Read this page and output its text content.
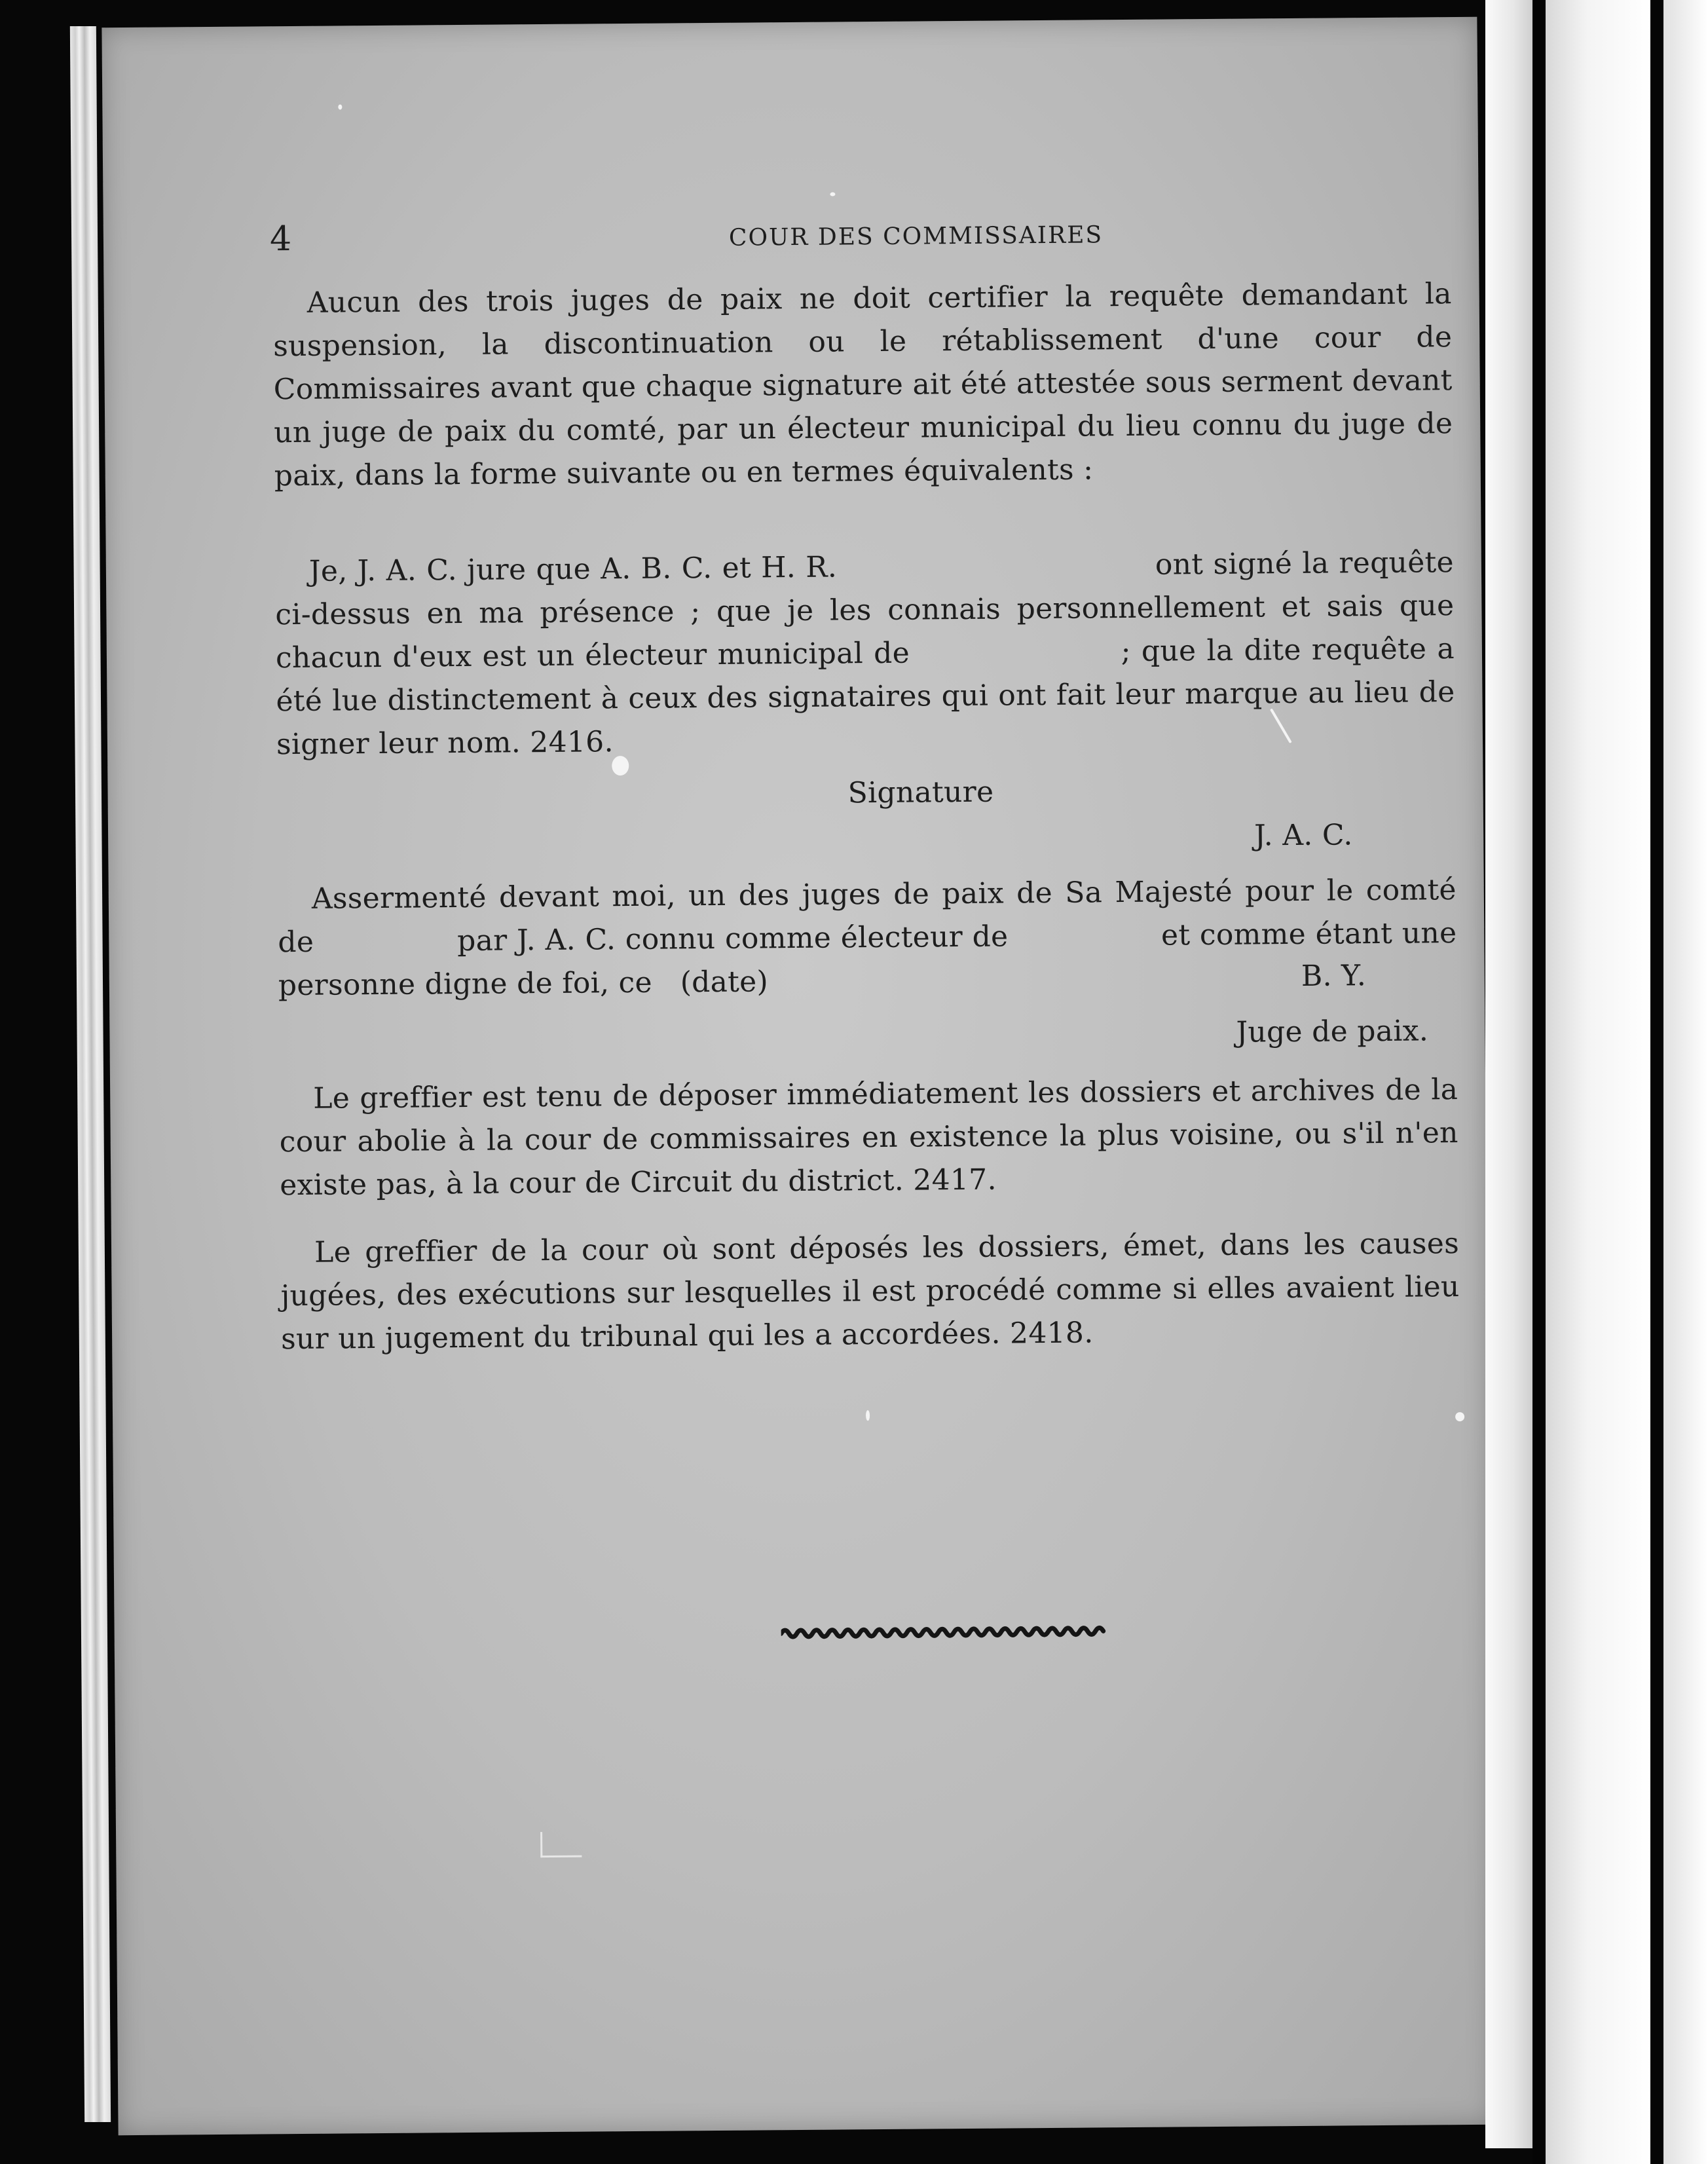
4	COUR DES COMMISSAIRES

Aucun des trois juges de paix ne doit certifier la requête demandant la suspension, la discontinuation ou le rétablissement d'une cour de Commissaires avant que chaque signature ait été attestée sous serment devant un juge de paix du comté, par un électeur municipal du lieu connu du juge de paix, dans la forme suivante ou en termes équivalents :

Je, J. A. C. jure que A. B. C. et H. R.                                ont signé la requête ci-dessus en ma présence ; que je les connais personnellement et sais que chacun d'eux est un électeur municipal de                    ; que la dite requête a été lue distinctement à ceux des signataires qui ont fait leur marque au lieu de signer leur nom. 2416.

Signature
J. A. C.

Assermenté devant moi, un des juges de paix de Sa Majesté pour le comté de               par J. A. C. connu comme électeur de                et comme étant une personne digne de foi, ce   (date)	B. Y.
Juge de paix.

Le greffier est tenu de déposer immédiatement les dossiers et archives de la cour abolie à la cour de commissaires en existence la plus voisine, ou s'il n'en existe pas, à la cour de Circuit du district. 2417.

Le greffier de la cour où sont déposés les dossiers, émet, dans les causes jugées, des exécutions sur lesquelles il est procédé comme si elles avaient lieu sur un jugement du tribunal qui les a accordées. 2418.
